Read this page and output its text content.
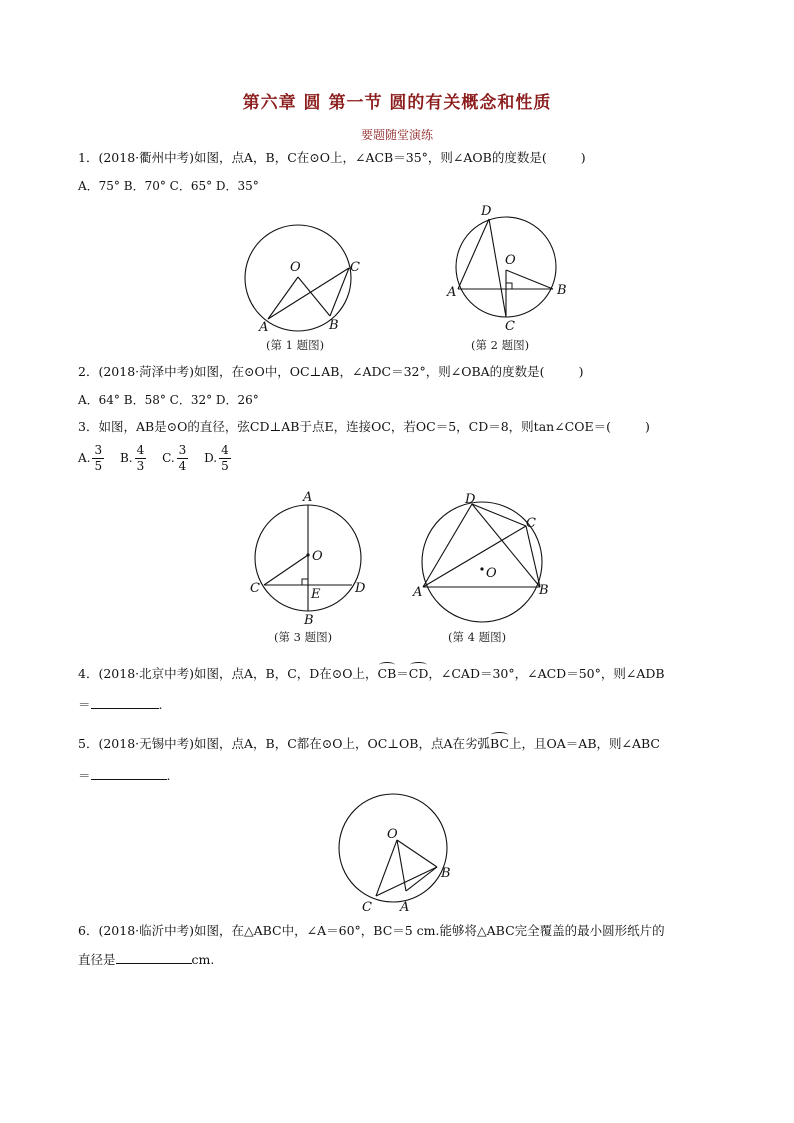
第六章 圆 第一节 圆的有关概念和性质
要题随堂演练
1．(2018·衢州中考)如图，点A，B，C在⊙O上，∠ACB＝35°，则∠AOB的度数是(	)
A．75° B．70° C．65° D．35°
O
A	B
C
(第 1 题图)
D
O
A	B
C
(第 2 题图)
2．(2018·菏泽中考)如图，在⊙O中，OC⊥AB，∠ADC＝32°，则∠OBA的度数是(	)
A．64° B．58° C．32° D．26°
3．如图，AB是⊙O的直径，弦CD⊥AB于点E，连接OC，若OC＝5，CD＝8，则tan∠COE＝(	)
A. $\frac{3}{5} B$. $\frac{4}{3} C$. $\frac{3}{4} D$. $\frac{4}{5}$
A
O
C	E	D
B
(第 3 题图)
D
C
O
A	B
(第 4 题图)
4．(2018·北京中考)如图，点A，B，C，D在⊙O上，CB＝CD，∠CAD＝30°，∠ACD＝50°，则∠ADB
＝	.
5．(2018·无锡中考)如图，点A，B，C都在⊙O上，OC⊥OB，点A在劣弧BC上，且OA＝AB，则∠ABC
＝	.
O
B
C A
6．(2018·临沂中考)如图，在△ABC中，∠A＝60°，BC＝5 cm.能够将△ABC完全覆盖的最小圆形纸片的
直径是	cm.
